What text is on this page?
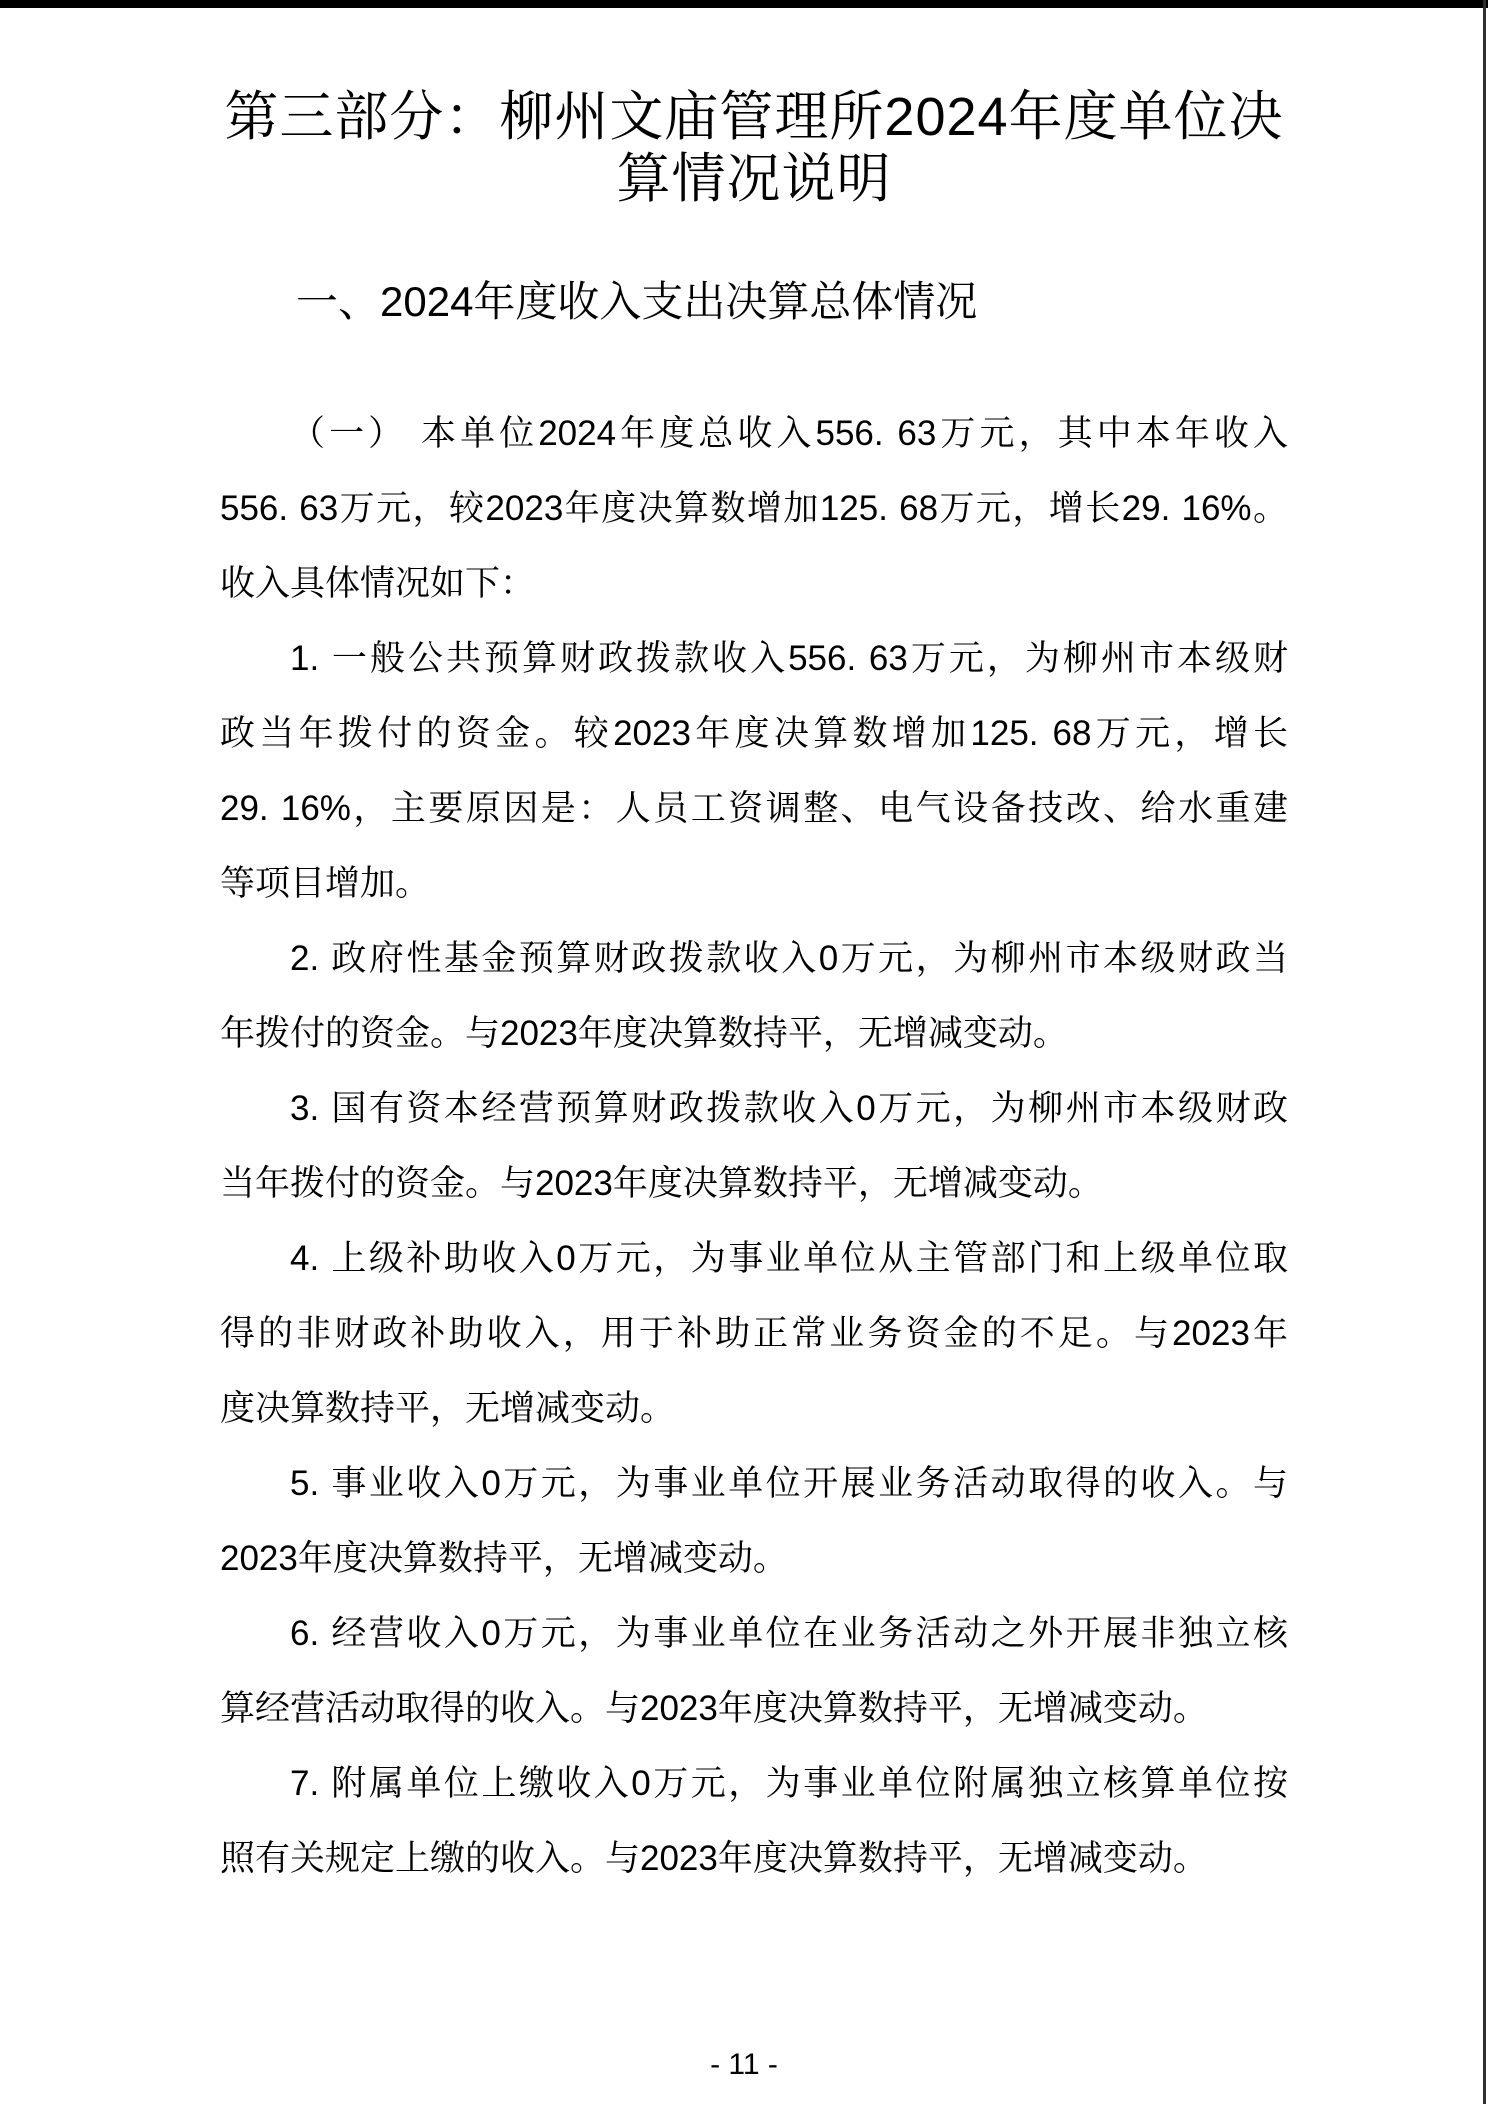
第三部分：柳州文庙管理所2024年度单位决
算情况说明
一、2024年度收入支出决算总体情况
（一） 本单位2024年度总收入556. 63万元，其中本年收入
556. 63万元，较2023年度决算数增加125. 68万元，增长29. 16%。
收入具体情况如下：
1. 一般公共预算财政拨款收入556. 63万元，为柳州市本级财
政当年拨付的资金。较2023年度决算数增加125. 68万元，增长
29. 16%，主要原因是：人员工资调整、电气设备技改、给水重建
等项目增加。
2. 政府性基金预算财政拨款收入0万元，为柳州市本级财政当
年拨付的资金。与2023年度决算数持平，无增减变动。
3. 国有资本经营预算财政拨款收入0万元，为柳州市本级财政
当年拨付的资金。与2023年度决算数持平，无增减变动。
4. 上级补助收入0万元，为事业单位从主管部门和上级单位取
得的非财政补助收入，用于补助正常业务资金的不足。与2023年
度决算数持平，无增减变动。
5. 事业收入0万元，为事业单位开展业务活动取得的收入。与
2023年度决算数持平，无增减变动。
6. 经营收入0万元，为事业单位在业务活动之外开展非独立核
算经营活动取得的收入。与2023年度决算数持平，无增减变动。
7. 附属单位上缴收入0万元，为事业单位附属独立核算单位按
照有关规定上缴的收入。与2023年度决算数持平，无增减变动。
- 11 -
